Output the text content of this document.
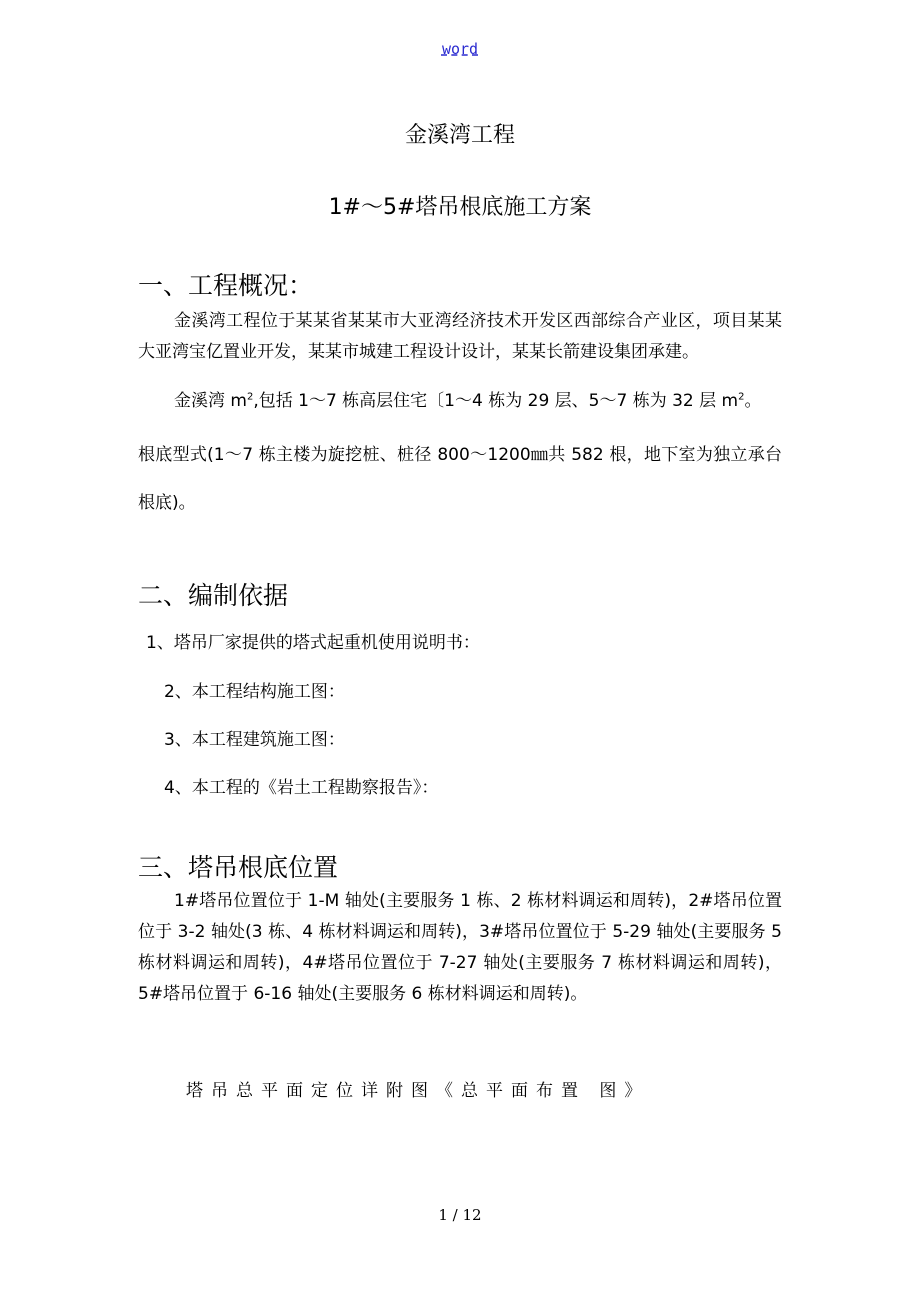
word
金溪湾工程
1#～5#塔吊根底施工方案
一、工程概况：
金溪湾工程位于某某省某某市大亚湾经济技术开发区西部综合产业区，项目某某大亚湾宝亿置业开发，某某市城建工程设计设计，某某长箭建设集团承建。
金溪湾 $m^2$,包括 1～7 栋高层住宅〔1～4 栋为 29 层、5～7 栋为 32 层 $m^2$。
根底型式(1～7 栋主楼为旋挖桩、桩径 800～1200㎜共 582 根，地下室为独立承台根底)。
二、编制依据
1、塔吊厂家提供的塔式起重机使用说明书：
2、本工程结构施工图：
3、本工程建筑施工图：
4、本工程的《岩土工程勘察报告》：
三、塔吊根底位置
1#塔吊位置位于 1-M 轴处(主要服务 1 栋、2 栋材料调运和周转)，2#塔吊位置位于 3-2 轴处(3 栋、4 栋材料调运和周转)，3#塔吊位置位于 5-29 轴处(主要服务 5 栋材料调运和周转)，4#塔吊位置位于 7-27 轴处(主要服务 7 栋材料调运和周转)，5#塔吊位置于 6-16 轴处(主要服务 6 栋材料调运和周转)。
塔吊总平面定位详附图《总平面布置 图》
1 / 12
